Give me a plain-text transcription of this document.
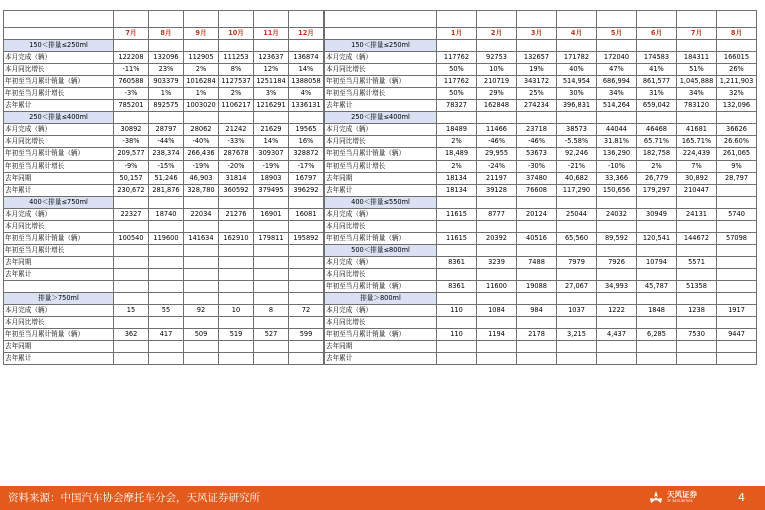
	7月	8月	9月	10月	11月	12月
150＜排量≤250ml						
本月完成（辆）	122208	132096	112905	111253	123637	136874
本月同比增长	-11%	23%	2%	8%	12%	14%
年初至当月累计销量（辆）	760588	903379	1016284	1127537	1251184	1388058
年初至当月累计增长	-3%	1%	1%	2%	3%	4%
去年累计	785201	892575	1003020	1106217	1216291	1336131
250＜排量≤400ml						
本月完成（辆）	30892	28797	28062	21242	21629	19565
本月同比增长	-38%	-44%	-40%	-33%	14%	16%
年初至当月累计销量（辆）	209,577	238,374	266,436	287678	309307	328872
年初至当月累计增长	-9%	-15%	-19%	-20%	-19%	-17%
去年同期	50,157	51,246	46,903	31814	18903	16797
去年累计	230,672	281,876	328,780	360592	379495	396292
400＜排量≤750ml						
本月完成（辆）	22327	18740	22034	21276	16901	16081
本月同比增长						
年初至当月累计销量（辆）	100540	119600	141634	162910	179811	195892
年初至当月累计增长						
去年同期						
去年累计						

排量＞750ml						
本月完成（辆）	15	55	92	10	8	72
本月同比增长						
年初至当月累计销量（辆）	362	417	509	519	527	599
去年同期						
去年累计						

	1月	2月	3月	4月	5月	6月	7月	8月
150＜排量≤250ml								
本月完成（辆）	117762	92753	132657	171782	172040	174583	184311	166015
本月同比增长	50%	10%	19%	40%	47%	41%	51%	26%
年初至当月累计销量（辆）	117762	210719	343172	514,954	686,994	861,577	1,045,888	1,211,903
年初至当月累计增长	50%	29%	25%	30%	34%	31%	34%	32%
去年累计	78327	162848	274234	396,831	514,264	659,042	783120	132,096
250＜排量≤400ml								
本月完成（辆）	18489	11466	23718	38573	44044	46468	41681	36626
本月同比增长	2%	-46%	-46%	-5.58%	31.81%	65.71%	165.71%	26.60%
年初至当月累计销量（辆）	18,489	29,955	53673	92,246	136,290	182,758	224,439	261,065
年初至当月累计增长	2%	-24%	-30%	-21%	-10%	2%	7%	9%
去年同期	18134	21197	37480	40,682	33,366	26,779	30,892	28,797
去年累计	18134	39128	76608	117,290	150,656	179,297	210447	
400＜排量≤550ml								
本月完成（辆）	11615	8777	20124	25044	24032	30949	24131	5740
本月同比增长								
年初至当月累计销量（辆）	11615	20392	40516	65,560	89,592	120,541	144672	57098
500＜排量≤800ml								
本月完成（辆）	8361	3239	7488	7979	7926	10794	5571	
本月同比增长								
年初至当月累计销量（辆）	8361	11600	19088	27,067	34,993	45,787	51358	
排量＞800ml								
本月完成（辆）	110	1084	984	1037	1222	1848	1238	1917
本月同比增长								
年初至当月累计销量（辆）	110	1194	2178	3,215	4,437	6,285	7530	9447
去年同期								
去年累计								
资料来源：中国汽车协会摩托车分会，天风证券研究所	天风证券
TF SECURITIES	4
